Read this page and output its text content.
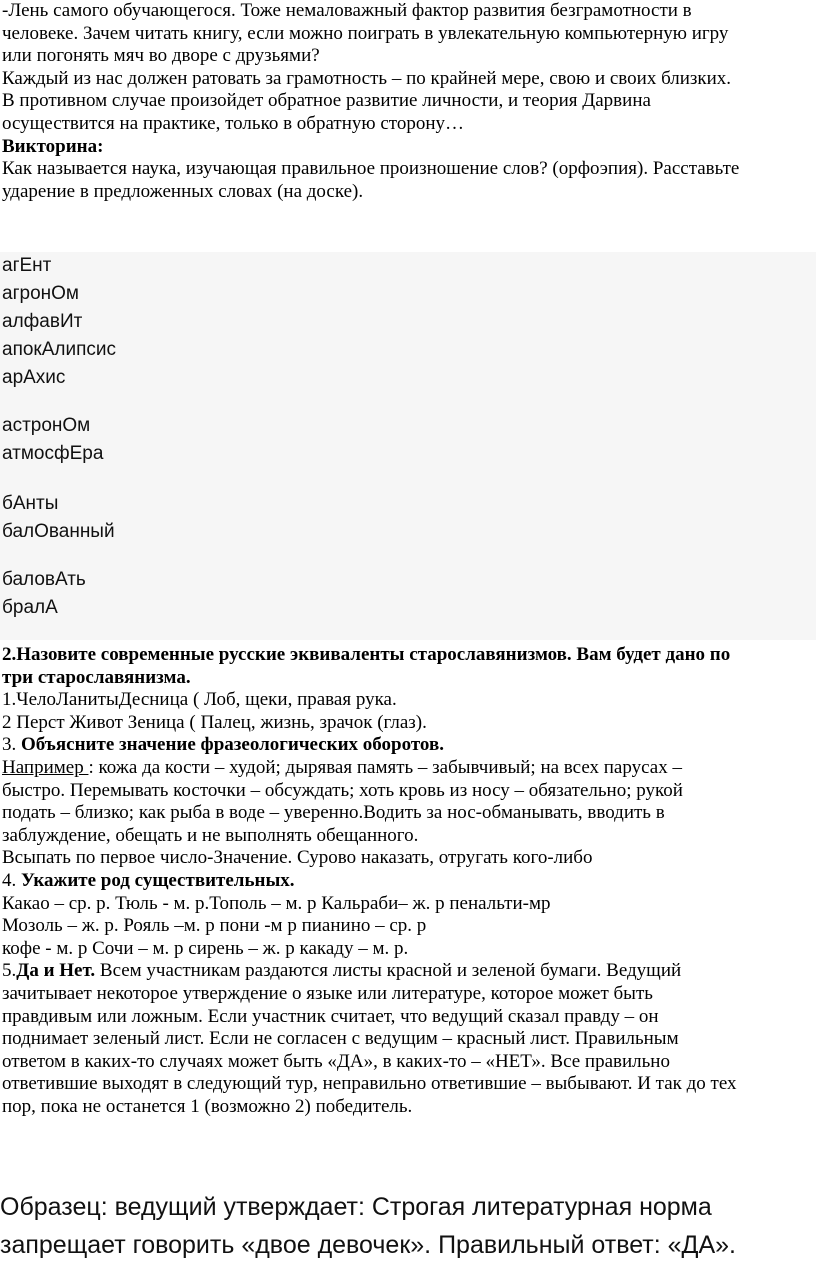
-Лень самого обучающегося. Тоже немаловажный фактор развития безграмотности в

человеке. Зачем читать книгу, если можно поиграть в увлекательную компьютерную игру

или погонять мяч во дворе с друзьями?

Каждый из нас должен ратовать за грамотность – по крайней мере, свою и своих близких.

В противном случае произойдет обратное развитие личности, и теория Дарвина

осуществится на практике, только в обратную сторону…

Викторина:

Как называется наука, изучающая правильное произношение слов? (орфоэпия). Расставьте

ударение в предложенных словах (на доске).

агЕнт
агронОм
алфавИт
апокАлипсис
арАхис
астронОм
атмосфЕра
бАнты
балОванный
баловАть
бралА

2.Назовите современные русские эквиваленты старославянизмов. Вам будет дано по

три старославянизма.

1.ЧелоЛанитыДесница ( Лоб, щеки, правая рука.

2 Перст Живот Зеница ( Палец, жизнь, зрачок (глаз).

3. Объясните значение фразеологических оборотов.

Например : кожа да кости – худой; дырявая память – забывчивый; на всех парусах –

быстро. Перемывать косточки – обсуждать; хоть кровь из носу – обязательно; рукой

подать – близко; как рыба в воде – уверенно.Водить за нос-обманывать, вводить в

заблуждение, обещать и не выполнять обещанного.

Всыпать по первое число-Значение. Сурово наказать, отругать кого-либо

4. Укажите род существительных.

Какао – ср. р. Тюль - м. р.Тополь – м. р Кальраби– ж. р пенальти-мр

Мозоль – ж. р. Рояль –м. р пони -м р пианино – ср. р

кофе - м. р Сочи – м. р сирень – ж. р какаду – м. р.

5.Да и Нет. Всем участникам раздаются листы красной и зеленой бумаги. Ведущий

зачитывает некоторое утверждение о языке или литературе, которое может быть

правдивым или ложным. Если участник считает, что ведущий сказал правду – он

поднимает зеленый лист. Если не согласен с ведущим – красный лист. Правильным

ответом в каких-то случаях может быть «ДА», в каких-то – «НЕТ». Все правильно

ответившие выходят в следующий тур, неправильно ответившие – выбывают. И так до тех

пор, пока не останется 1 (возможно 2) победитель.

Образец: ведущий утверждает: Строгая литературная норма

запрещает говорить «двое девочек». Правильный ответ: «ДА».
